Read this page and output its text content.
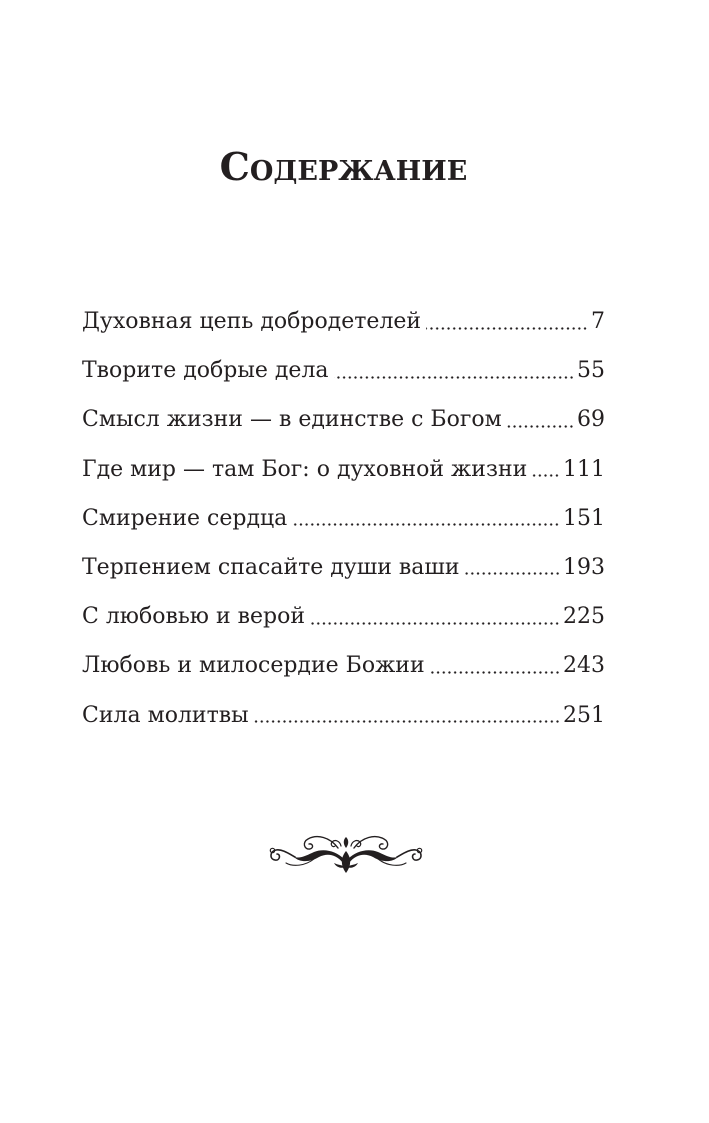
Содержание
Духовная цепь добродетелей	7
Творите добрые дела	55
Смысл жизни — в единстве с Богом	69
Где мир — там Бог: о духовной жизни 111
Смирение сердца	151
Терпением спасайте души ваши	193
С любовью и верой	225
Любовь и милосердие Божии	243
Сила молитвы	251
